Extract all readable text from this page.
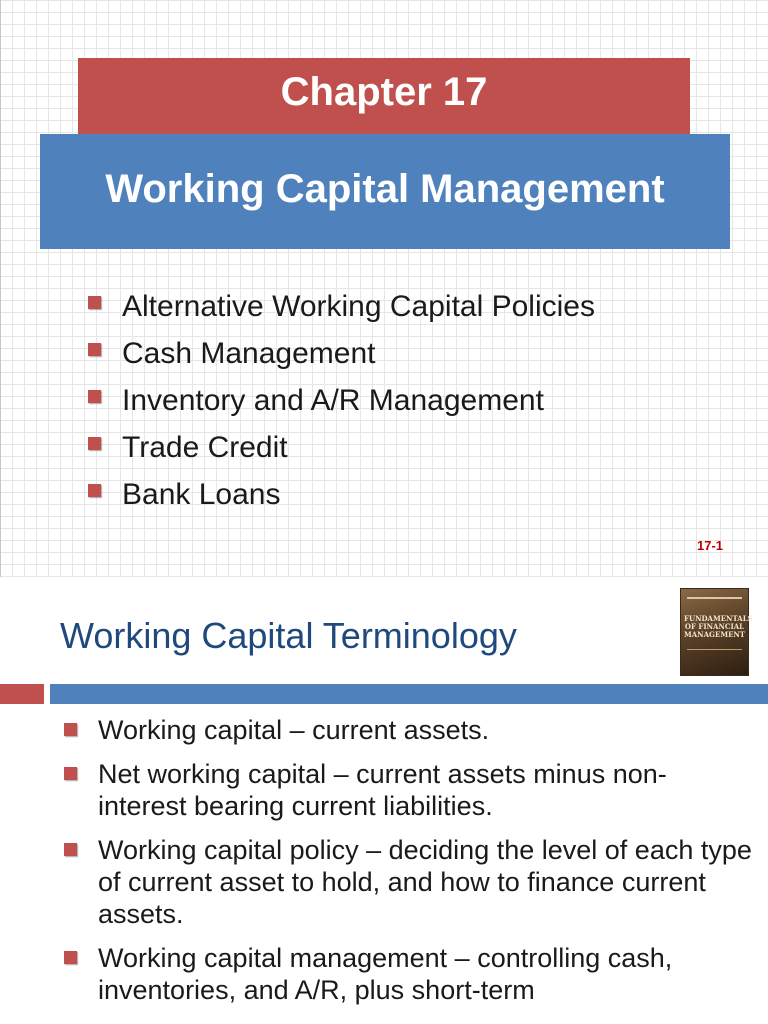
Chapter 17
Working Capital Management
Alternative Working Capital Policies
Cash Management
Inventory and A/R Management
Trade Credit
Bank Loans
17-1
Working Capital Terminology	FUNDAMENTALS OF FINANCIAL MANAGEMENT
Working capital – current assets.
Net working capital – current assets minus non-interest bearing current liabilities.
Working capital policy – deciding the level of each type of current asset to hold, and how to finance current assets.
Working capital management – controlling cash, inventories, and A/R, plus short-term
